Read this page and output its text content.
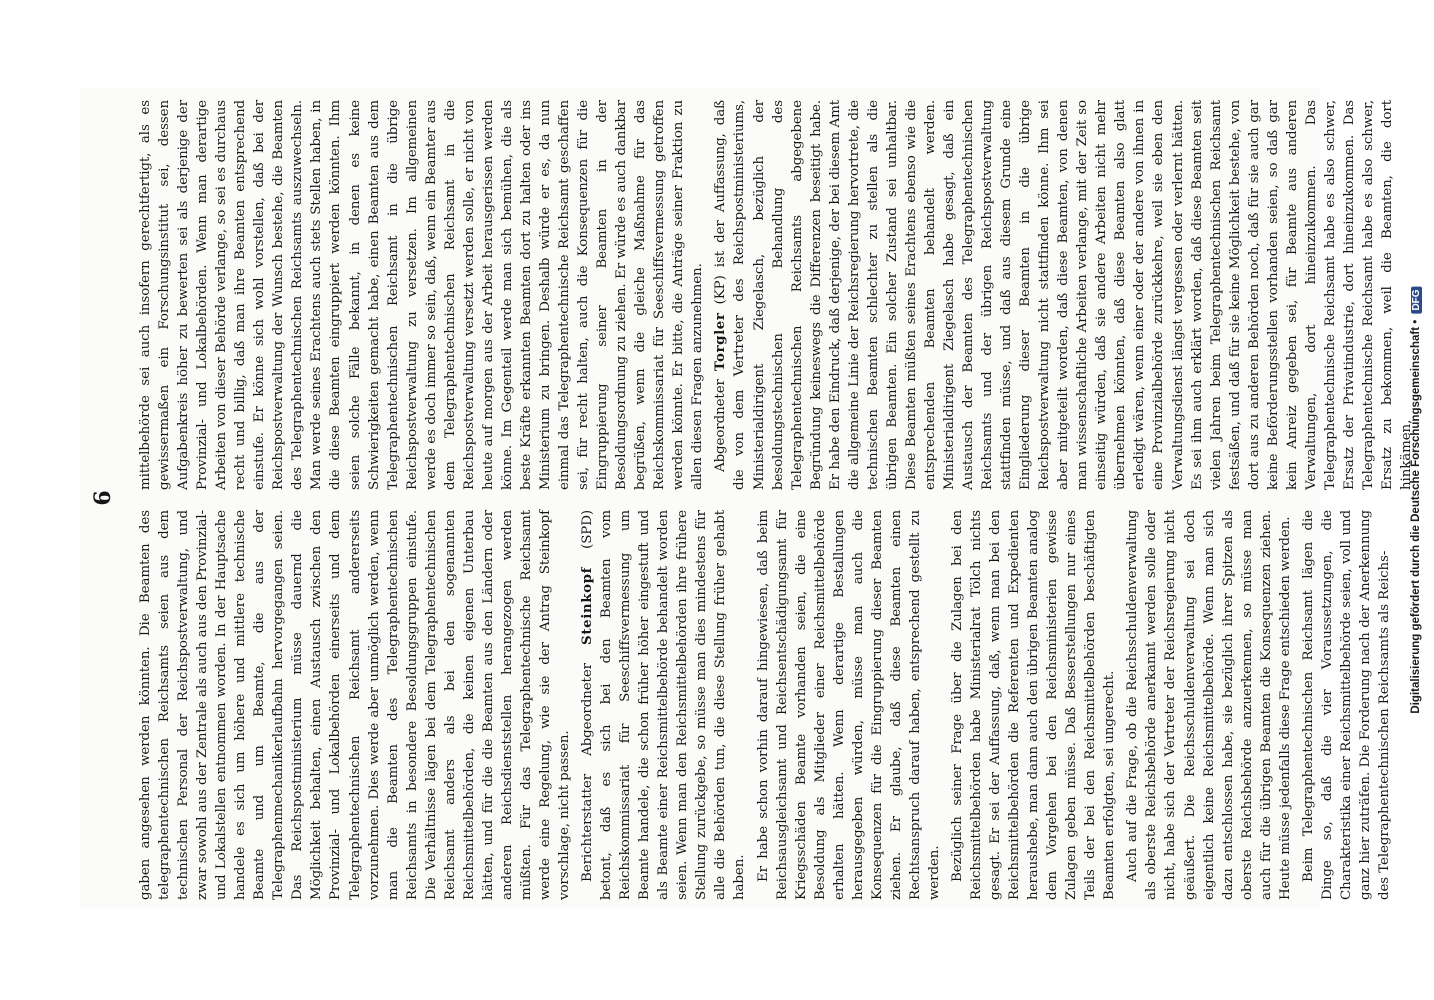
6

gaben angesehen werden könnten. Die Beamten des telegraphentechnischen Reichsamts seien aus dem technischen Personal der Reichspostverwaltung, und zwar sowohl aus der Zentrale als auch aus den Provinzial- und Lokalstellen entnommen worden. In der Hauptsache handele es sich um höhere und mittlere technische Beamte und um Beamte, die aus der Telegraphenmechanikerlaufbahn hervorgegangen seien. Das Reichspostministerium müsse dauernd die Möglichkeit behalten, einen Austausch zwischen den Provinzial- und Lokalbehörden einerseits und dem Telegraphentechnischen Reichsamt andererseits vorzunehmen. Dies werde aber unmöglich werden, wenn man die Beamten des Telegraphentechnischen Reichsamts in besondere Besoldungsgruppen einstufe. Die Verhältnisse lägen bei dem Telegraphentechnischen Reichsamt anders als bei den sogenannten Reichsmittelbehörden, die keinen eigenen Unterbau hätten, und für die die Beamten aus den Ländern oder anderen Reichsdienststellen herangezogen werden müßten. Für das Telegraphentechnische Reichsamt werde eine Regelung, wie sie der Antrag Steinkopf vorschlage, nicht passen. Berichterstatter Abgeordneter Steinkopf (SPD) betont, daß es sich bei den Beamten vom Reichskommissariat für Seeschiffsvermessung um Beamte handele, die schon früher höher eingestuft und als Beamte einer Reichsmittelbehörde behandelt worden seien. Wenn man den Reichsmittelbehörden ihre frühere Stellung zurückgebe, so müsse man dies mindestens für alle die Behörden tun, die diese Stellung früher gehabt haben. Er habe schon vorhin darauf hingewiesen, daß beim Reichsausgleichsamt und Reichsentschädigungsamt für Kriegsschäden Beamte vorhanden seien, die eine Besoldung als Mitglieder einer Reichsmittelbehörde erhalten hätten. Wenn derartige Bestallungen herausgegeben würden, müsse man auch die Konsequenzen für die Eingruppierung dieser Beamten ziehen. Er glaube, daß diese Beamten einen Rechtsanspruch darauf haben, entsprechend gestellt zu werden. Bezüglich seiner Frage über die Zulagen bei den Reichsmittelbehörden habe Ministerialrat Tölch nichts gesagt. Er sei der Auffassung, daß, wenn man bei den Reichsmittelbehörden die Referenten und Expedienten heraushebe, man dann auch den übrigen Beamten analog dem Vorgehen bei den Reichsministerien gewisse Zulagen geben müsse. Daß Besserstellungen nur eines Teils der bei den Reichsmittelbehörden beschäftigten Beamten erfolgten, sei ungerecht. Auch auf die Frage, ob die Reichsschuldenverwaltung als oberste Reichsbehörde anerkannt werden solle oder nicht, habe sich der Vertreter der Reichsregierung nicht geäußert. Die Reichsschuldenverwaltung sei doch eigentlich keine Reichsmittelbehörde. Wenn man sich dazu entschlossen habe, sie bezüglich ihrer Spitzen als oberste Reichsbehörde anzuerkennen, so müsse man auch für die übrigen Beamten die Konsequenzen ziehen. Heute müsse jedenfalls diese Frage entschieden werden. Beim Telegraphentechnischen Reichsamt lägen die Dinge so, daß die vier Voraussetzungen, die Charakteristika einer Reichsmittelbehörde seien, voll und ganz hier zuträfen. Die Forderung nach der Anerkennung des Telegraphentechnischen Reichsamts als Reichs-

mittelbehörde sei auch insofern gerechtfertigt, als es gewissermaßen ein Forschungsinstitut sei, dessen Aufgabenkreis höher zu bewerten sei als derjenige der Provinzial- und Lokalbehörden. Wenn man derartige Arbeiten von dieser Behörde verlange, so sei es durchaus recht und billig, daß man ihre Beamten entsprechend einstufe. Er könne sich wohl vorstellen, daß bei der Reichspostverwaltung der Wunsch bestehe, die Beamten des Telegraphentechnischen Reichsamts auszuwechseln. Man werde seines Erachtens auch stets Stellen haben, in die diese Beamten eingruppiert werden könnten. Ihm seien solche Fälle bekannt, in denen es keine Schwierigkeiten gemacht habe, einen Beamten aus dem Telegraphentechnischen Reichsamt in die übrige Reichspostverwaltung zu versetzen. Im allgemeinen werde es doch immer so sein, daß, wenn ein Beamter aus dem Telegraphentechnischen Reichsamt in die Reichspostverwaltung versetzt werden solle, er nicht von heute auf morgen aus der Arbeit herausgerissen werden könne. Im Gegenteil werde man sich bemühen, die als beste Kräfte erkannten Beamten dort zu halten oder ins Ministerium zu bringen. Deshalb würde er es, da nun einmal das Telegraphentechnische Reichsamt geschaffen sei, für recht halten, auch die Konsequenzen für die Eingruppierung seiner Beamten in der Besoldungsordnung zu ziehen. Er würde es auch dankbar begrüßen, wenn die gleiche Maßnahme für das Reichskommissariat für Seeschiffsvermessung getroffen werden könnte. Er bitte, die Anträge seiner Fraktion zu allen diesen Fragen anzunehmen. Abgeordneter Torgler (KP) ist der Auffassung, daß die von dem Vertreter des Reichspostministeriums, Ministerialdirigent Ziegelasch, bezüglich der besoldungstechnischen Behandlung des Telegraphentechnischen Reichsamts abgegebene Begründung keineswegs die Differenzen beseitigt habe. Er habe den Eindruck, daß derjenige, der bei diesem Amt die allgemeine Linie der Reichsregierung hervortrete, die technischen Beamten schlechter zu stellen als die übrigen Beamten. Ein solcher Zustand sei unhaltbar. Diese Beamten müßten seines Erachtens ebenso wie die entsprechenden Beamten behandelt werden. Ministerialdirigent Ziegelasch habe gesagt, daß ein Austausch der Beamten des Telegraphentechnischen Reichsamts und der übrigen Reichspostverwaltung stattfinden müsse, und daß aus diesem Grunde eine Eingliederung dieser Beamten in die übrige Reichspostverwaltung nicht stattfinden könne. Ihm sei aber mitgeteilt worden, daß diese Beamten, von denen man wissenschaftliche Arbeiten verlange, mit der Zeit so einseitig würden, daß sie andere Arbeiten nicht mehr übernehmen könnten, daß diese Beamten also glatt erledigt wären, wenn einer oder der andere von ihnen in eine Provinzialbehörde zurückkehre, weil sie eben den Verwaltungsdienst längst vergessen oder verlernt hätten. Es sei ihm auch erklärt worden, daß diese Beamten seit vielen Jahren beim Telegraphentechnischen Reichsamt festsäßen, und daß für sie keine Möglichkeit bestehe, von dort aus zu anderen Behörden noch, daß für sie auch gar keine Beförderungsstellen vorhanden seien, so daß gar kein Anreiz gegeben sei, für Beamte aus anderen Verwaltungen, dort hineinzukommen. Das Telegraphentechnische Reichsamt habe es also schwer, Ersatz der Privatindustrie, dort hineinzukommen. Das Telegraphentechnische Reichsamt habe es also schwer, Ersatz zu bekommen, weil die Beamten, die dort hinkämen,

Digitalisierung gefördert durch die Deutsche Forschungsgemeinschaft • DFG
